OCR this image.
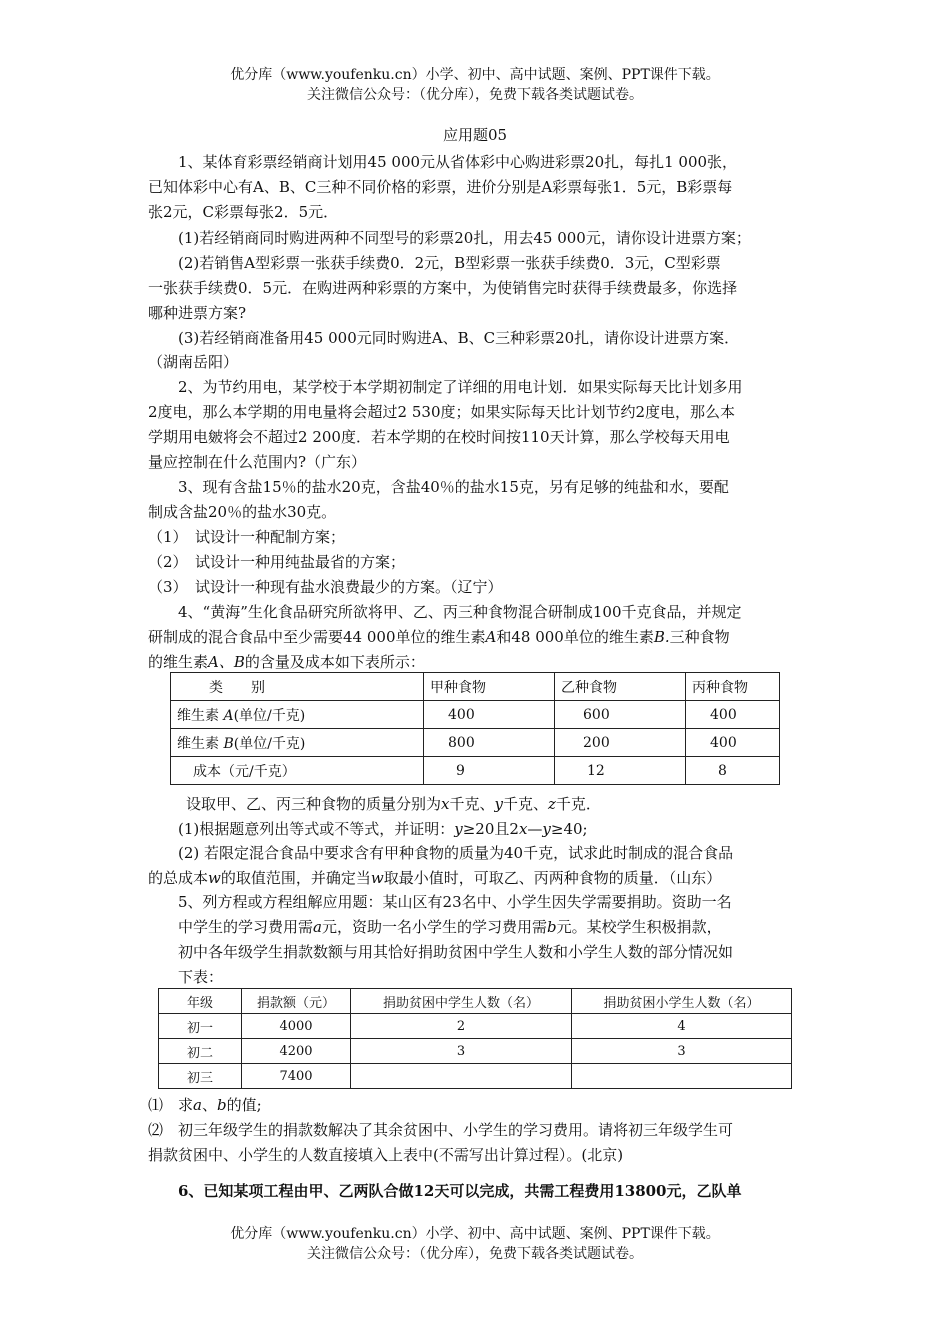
优分库（www.youfenku.cn）小学、初中、高中试题、案例、PPT课件下载。
关注微信公众号：（优分库），免费下载各类试题试卷。
应用题05
1、某体育彩票经销商计划用45 000元从省体彩中心购进彩票20扎，每扎1 000张，
已知体彩中心有A、B、C三种不同价格的彩票，进价分别是A彩票每张1．5元，B彩票每
张2元，C彩票每张2．5元．
(1)若经销商同时购进两种不同型号的彩票20扎，用去45 000元，请你设计进票方案；
(2)若销售A型彩票一张获手续费0．2元，B型彩票一张获手续费0．3元，C型彩票
一张获手续费0．5元．在购进两种彩票的方案中，为使销售完时获得手续费最多，你选择
哪种进票方案?
(3)若经销商准备用45 000元同时购进A、B、C三种彩票20扎，请你设计进票方案．
（湖南岳阳）
2、为节约用电，某学校于本学期初制定了详细的用电计划．如果实际每天比计划多用
2度电，那么本学期的用电量将会超过2 530度；如果实际每天比计划节约2度电，那么本
学期用电皴将会不超过2 200度．若本学期的在校时间按110天计算，那么学校每天用电
量应控制在什么范围内?（广东）
3、现有含盐15％的盐水20克，含盐40％的盐水15克，另有足够的纯盐和水，要配
制成含盐20％的盐水30克。
（1）　试设计一种配制方案；
（2）　试设计一种用纯盐最省的方案；
（3）　试设计一种现有盐水浪费最少的方案。（辽宁）
4、“黄海”生化食品研究所欲将甲、乙、丙三种食物混合研制成100千克食品，并规定
研制成的混合食品中至少需要44 000单位的维生素A和48 000单位的维生素B.三种食物
的维生素A、B的含量及成本如下表所示：
类　　别	甲种食物	乙种食物	丙种食物
维生素 A(单位/千克)	400	600	400
维生素 B(单位/千克)	800	200	400
成本（元/千克）	9	12	8
设取甲、乙、丙三种食物的质量分别为x千克、y千克、z千克．
(1)根据题意列出等式或不等式，并证明：y≥20且2x—y≥40;
(2) 若限定混合食品中要求含有甲种食物的质量为40千克，试求此时制成的混合食品
的总成本w的取值范围，并确定当w取最小值时，可取乙、丙两种食物的质量．（山东）
5、列方程或方程组解应用题：某山区有23名中、小学生因失学需要捐助。资助一名
中学生的学习费用需a元，资助一名小学生的学习费用需b元。某校学生积极捐款，
初中各年级学生捐款数额与用其恰好捐助贫困中学生人数和小学生人数的部分情况如
下表：
年级	捐款额（元）	捐助贫困中学生人数（名）	捐助贫困小学生人数（名）
初一	4000	2	4
初二	4200	3	3
初三	7400		
⑴　求a、b的值;
⑵　初三年级学生的捐款数解决了其余贫困中、小学生的学习费用。请将初三年级学生可
捐款贫困中、小学生的人数直接填入上表中(不需写出计算过程）。(北京)
6、已知某项工程由甲、乙两队合做12天可以完成，共需工程费用13800元，乙队单
优分库（www.youfenku.cn）小学、初中、高中试题、案例、PPT课件下载。
关注微信公众号：（优分库），免费下载各类试题试卷。
